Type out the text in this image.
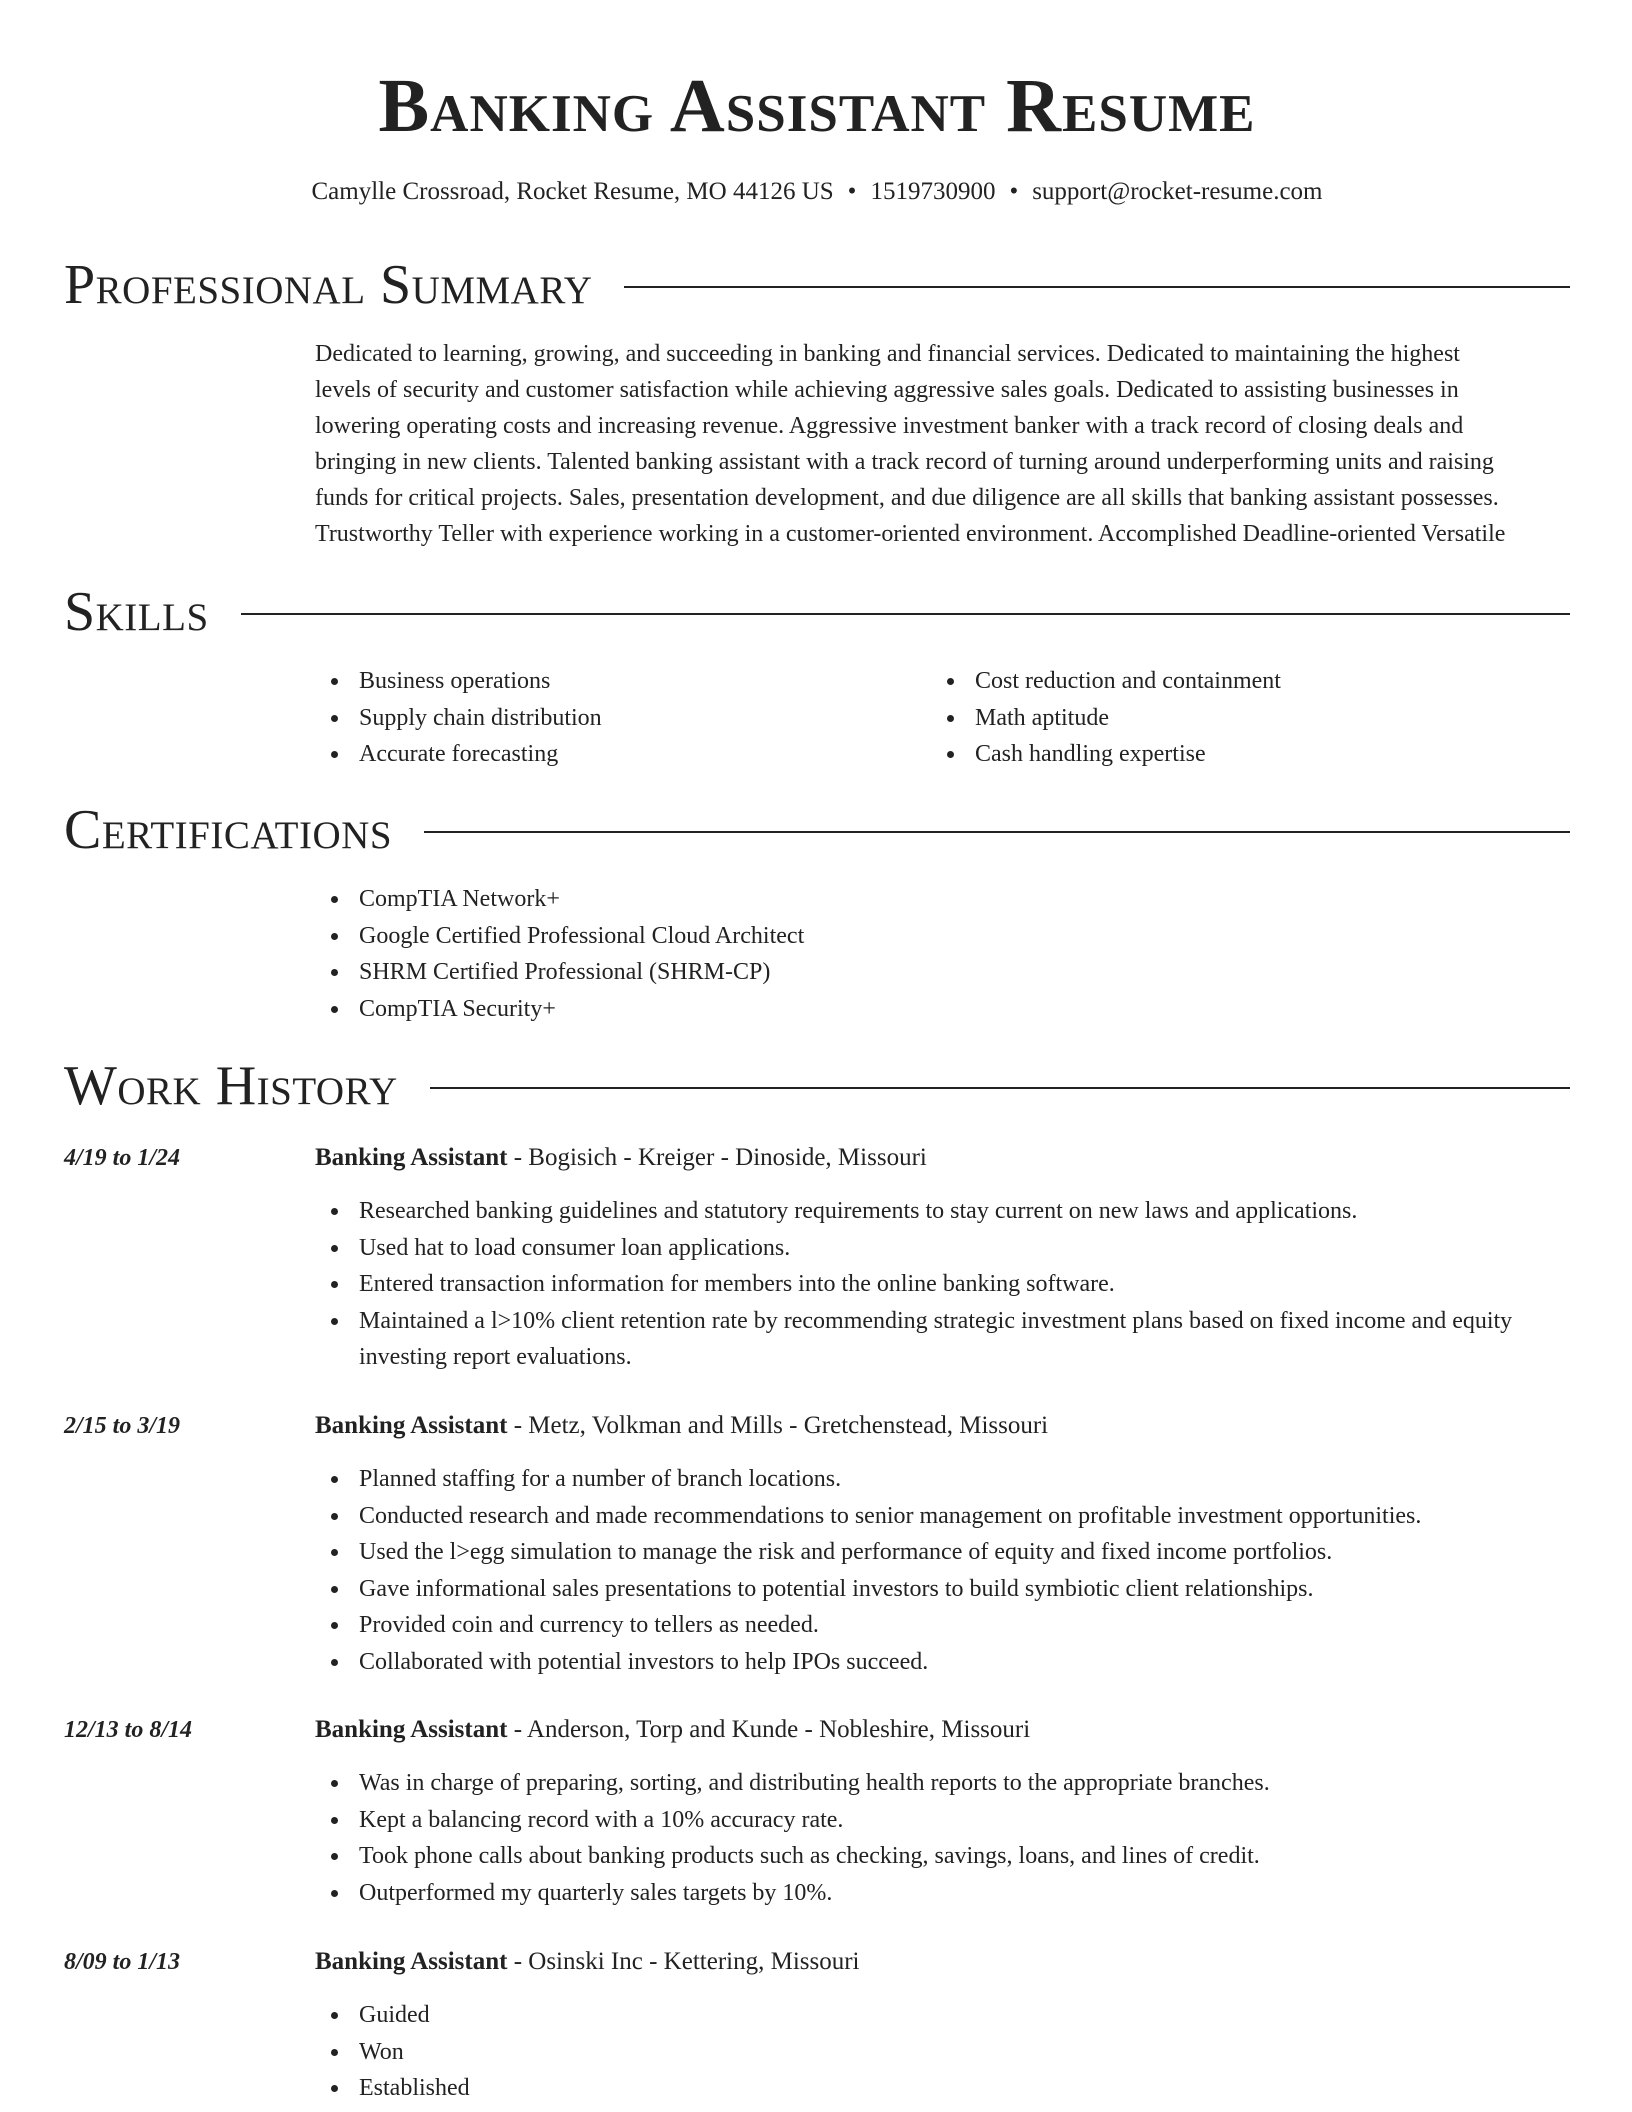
Banking Assistant Resume
Camylle Crossroad, Rocket Resume, MO 44126 US • 1519730900 • support@rocket-resume.com
Professional Summary
Dedicated to learning, growing, and succeeding in banking and financial services. Dedicated to maintaining the highest
levels of security and customer satisfaction while achieving aggressive sales goals. Dedicated to assisting businesses in
lowering operating costs and increasing revenue. Aggressive investment banker with a track record of closing deals and
bringing in new clients. Talented banking assistant with a track record of turning around underperforming units and raising
funds for critical projects. Sales, presentation development, and due diligence are all skills that banking assistant possesses.
Trustworthy Teller with experience working in a customer-oriented environment. Accomplished Deadline-oriented Versatile
Skills
Business operations
Supply chain distribution
Accurate forecasting
Cost reduction and containment
Math aptitude
Cash handling expertise
Certifications
CompTIA Network+
Google Certified Professional Cloud Architect
SHRM Certified Professional (SHRM-CP)
CompTIA Security+
Work History
4/19 to 1/24	Banking Assistant - Bogisich - Kreiger - Dinoside, Missouri
Researched banking guidelines and statutory requirements to stay current on new laws and applications.
Used hat to load consumer loan applications.
Entered transaction information for members into the online banking software.
Maintained a l>10% client retention rate by recommending strategic investment plans based on fixed income and equity investing report evaluations.
2/15 to 3/19	Banking Assistant - Metz, Volkman and Mills - Gretchenstead, Missouri
Planned staffing for a number of branch locations.
Conducted research and made recommendations to senior management on profitable investment opportunities.
Used the l>egg simulation to manage the risk and performance of equity and fixed income portfolios.
Gave informational sales presentations to potential investors to build symbiotic client relationships.
Provided coin and currency to tellers as needed.
Collaborated with potential investors to help IPOs succeed.
12/13 to 8/14	Banking Assistant - Anderson, Torp and Kunde - Nobleshire, Missouri
Was in charge of preparing, sorting, and distributing health reports to the appropriate branches.
Kept a balancing record with a 10% accuracy rate.
Took phone calls about banking products such as checking, savings, loans, and lines of credit.
Outperformed my quarterly sales targets by 10%.
8/09 to 1/13	Banking Assistant - Osinski Inc - Kettering, Missouri
Guided
Won
Established
